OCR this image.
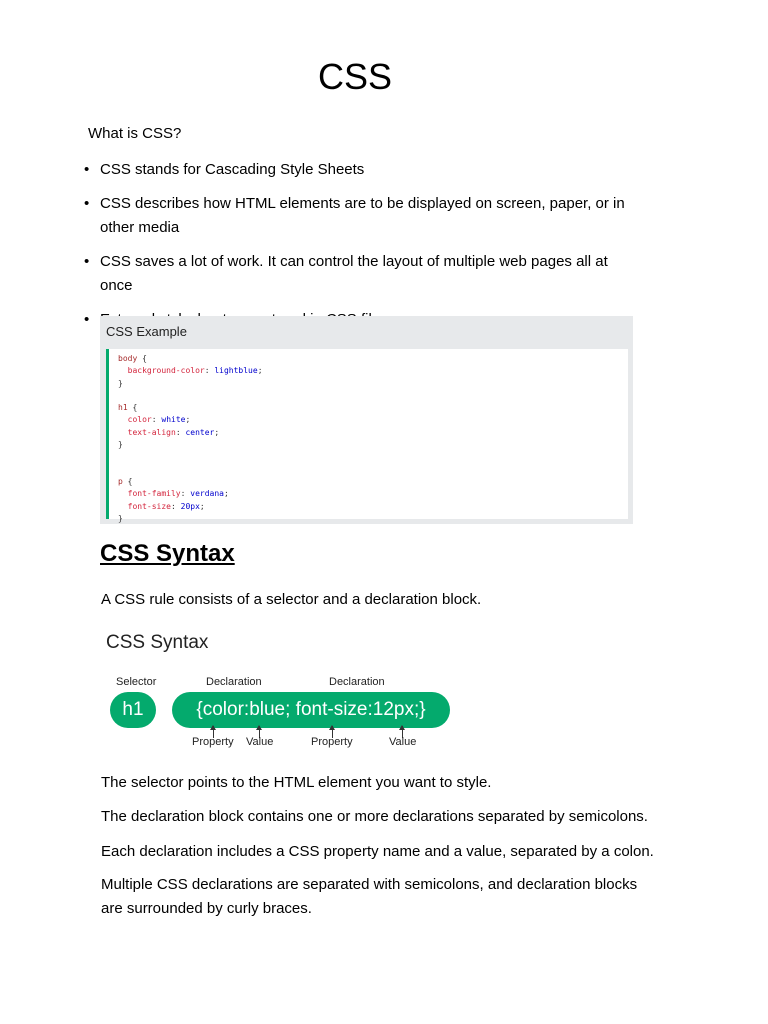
CSS
What is CSS?
• CSS stands for Cascading Style Sheets
• CSS describes how HTML elements are to be displayed on screen, paper, or in other media
• CSS saves a lot of work. It can control the layout of multiple web pages all at once
•
CSS Example
body {
background-color: lightblue;
}

h1 {
color: white;
text-align: center;
}

p {
font-family: verdana;
font-size: 20px;
}
CSS Syntax
A CSS rule consists of a selector and a declaration block.
CSS Syntax
Selector	Declaration	Declaration
h1	{color:blue; font-size:12px;}
Property Value	Property	Value
The selector points to the HTML element you want to style.
The declaration block contains one or more declarations separated by semicolons.
Each declaration includes a CSS property name and a value, separated by a colon.
Multiple CSS declarations are separated with semicolons, and declaration blocks are surrounded by curly braces.
